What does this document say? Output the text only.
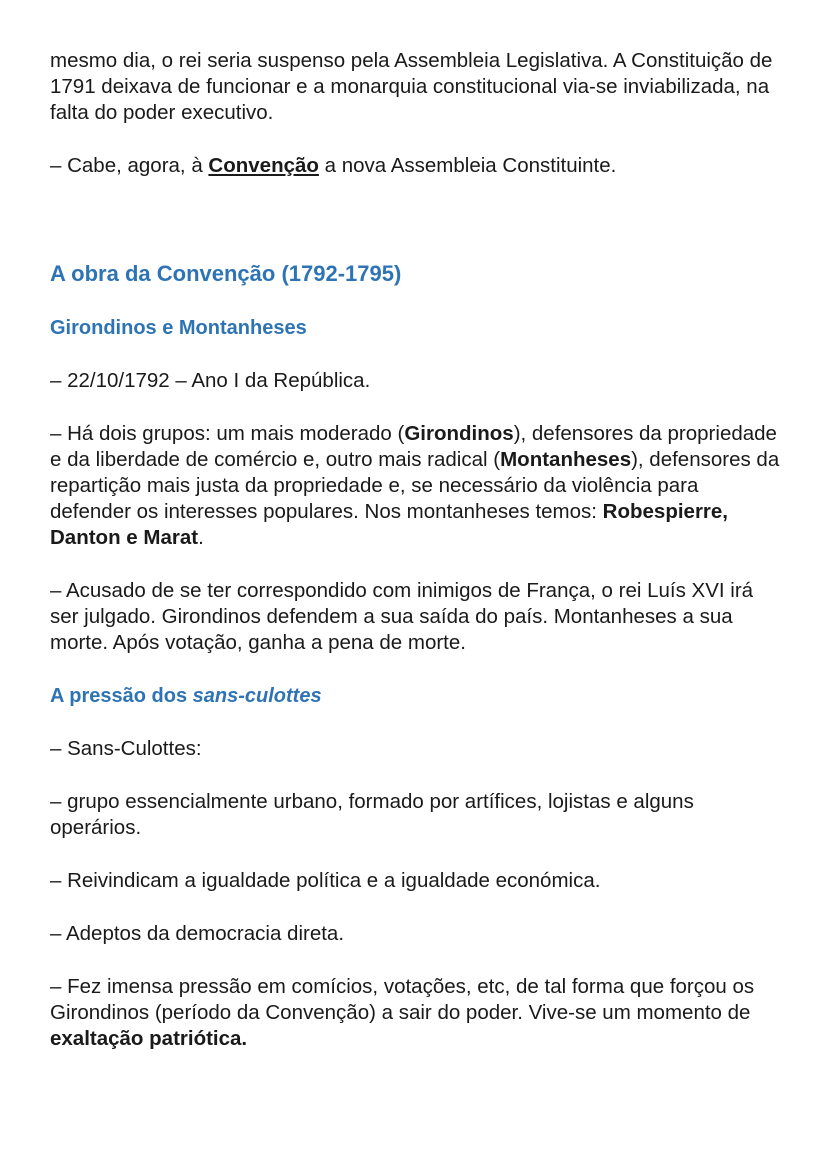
mesmo dia, o rei seria suspenso pela Assembleia Legislativa. A Constituição de 1791 deixava de funcionar e a monarquia constitucional via-se inviabilizada, na falta do poder executivo.

– Cabe, agora, à Convenção a nova Assembleia Constituinte.

A obra da Convenção (1792-1795)
Girondinos e Montanheses

– 22/10/1792 – Ano I da República.

– Há dois grupos: um mais moderado (Girondinos), defensores da propriedade e da liberdade de comércio e, outro mais radical (Montanheses), defensores da repartição mais justa da propriedade e, se necessário da violência para defender os interesses populares. Nos montanheses temos: Robespierre, Danton e Marat.

– Acusado de se ter correspondido com inimigos de França, o rei Luís XVI irá ser julgado. Girondinos defendem a sua saída do país. Montanheses a sua morte. Após votação, ganha a pena de morte.

A pressão dos sans-culottes

– Sans-Culottes:

– grupo essencialmente urbano, formado por artífices, lojistas e alguns operários.

– Reivindicam a igualdade política e a igualdade económica.

– Adeptos da democracia direta.

– Fez imensa pressão em comícios, votações, etc, de tal forma que forçou os Girondinos (período da Convenção) a sair do poder. Vive-se um momento de exaltação patriótica.
